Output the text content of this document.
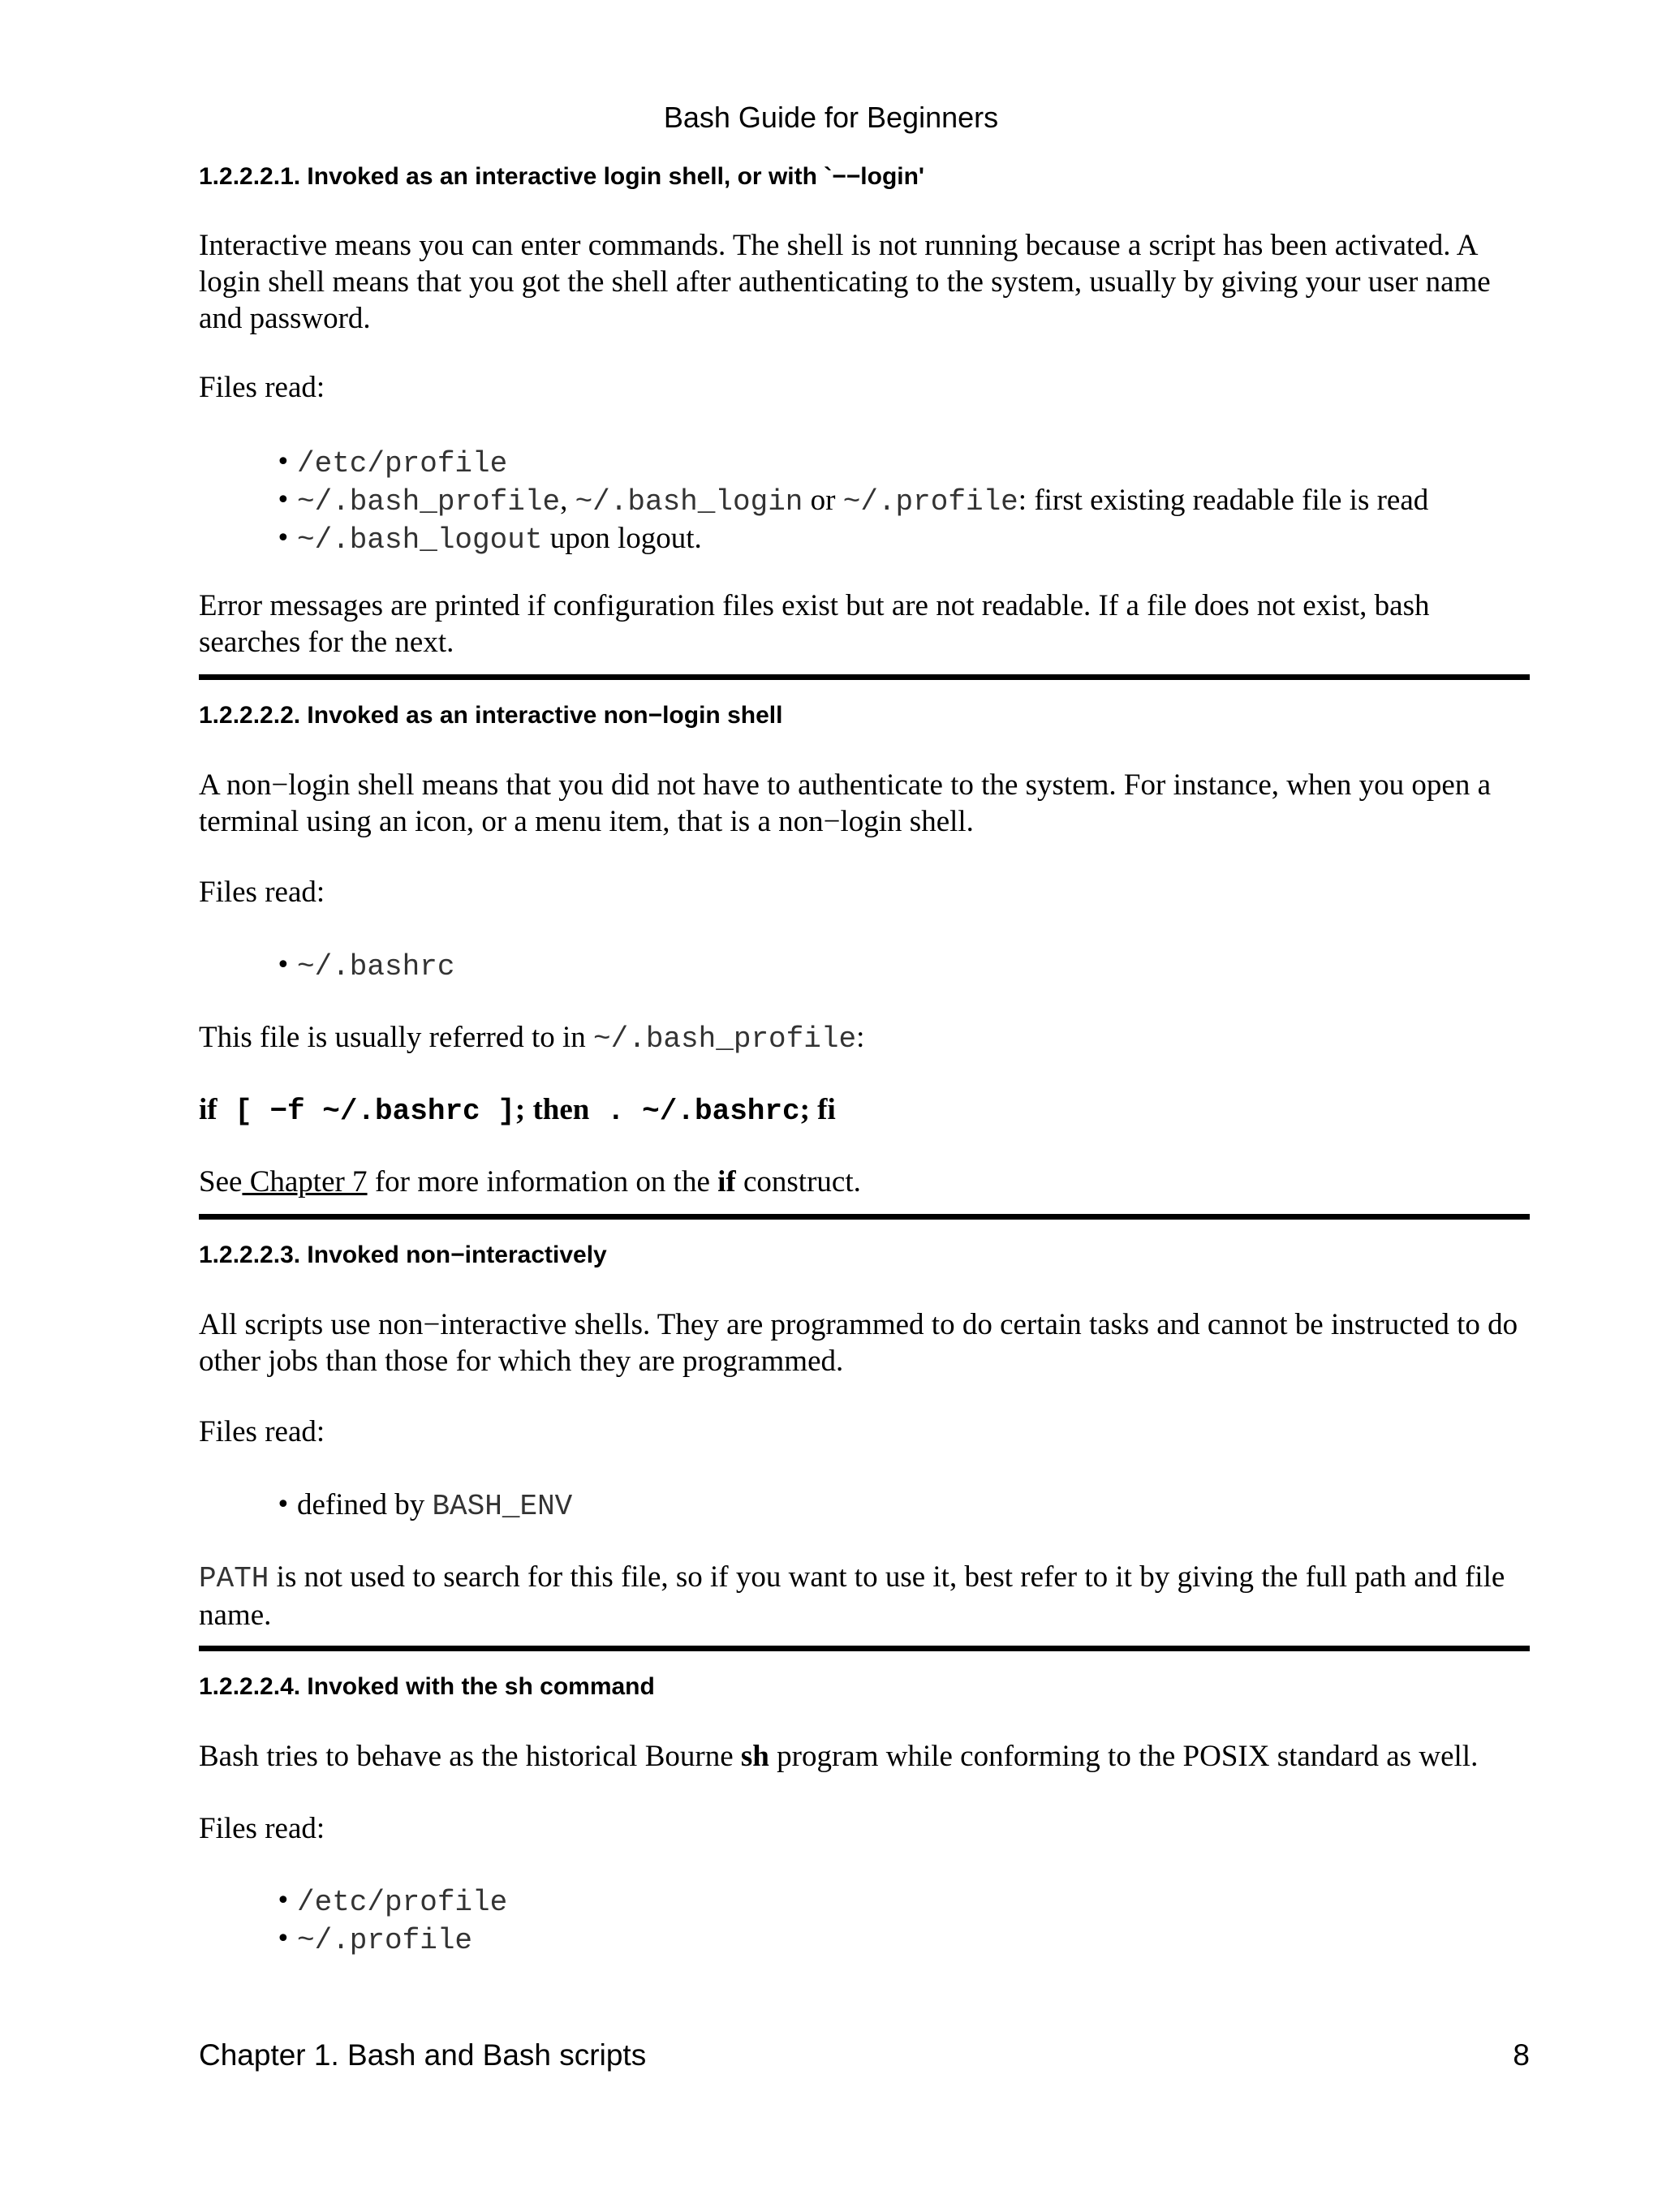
Bash Guide for Beginners
1.2.2.2.1. Invoked as an interactive login shell, or with `−−login'
Interactive means you can enter commands. The shell is not running because a script has been activated. A login shell means that you got the shell after authenticating to the system, usually by giving your user name and password.
Files read:
• /etc/profile
• ~/.bash_profile, ~/.bash_login or ~/.profile: first existing readable file is read
• ~/.bash_logout upon logout.
Error messages are printed if configuration files exist but are not readable. If a file does not exist, bash searches for the next.
1.2.2.2.2. Invoked as an interactive non−login shell
A non−login shell means that you did not have to authenticate to the system. For instance, when you open a terminal using an icon, or a menu item, that is a non−login shell.
Files read:
• ~/.bashrc
This file is usually referred to in ~/.bash_profile:
if [ −f ~/.bashrc ]; then . ~/.bashrc; fi
See Chapter 7 for more information on the if construct.
1.2.2.2.3. Invoked non−interactively
All scripts use non−interactive shells. They are programmed to do certain tasks and cannot be instructed to do other jobs than those for which they are programmed.
Files read:
• defined by BASH_ENV
PATH is not used to search for this file, so if you want to use it, best refer to it by giving the full path and file name.
1.2.2.2.4. Invoked with the sh command
Bash tries to behave as the historical Bourne sh program while conforming to the POSIX standard as well.
Files read:
• /etc/profile
• ~/.profile
Chapter 1. Bash and Bash scripts	8
